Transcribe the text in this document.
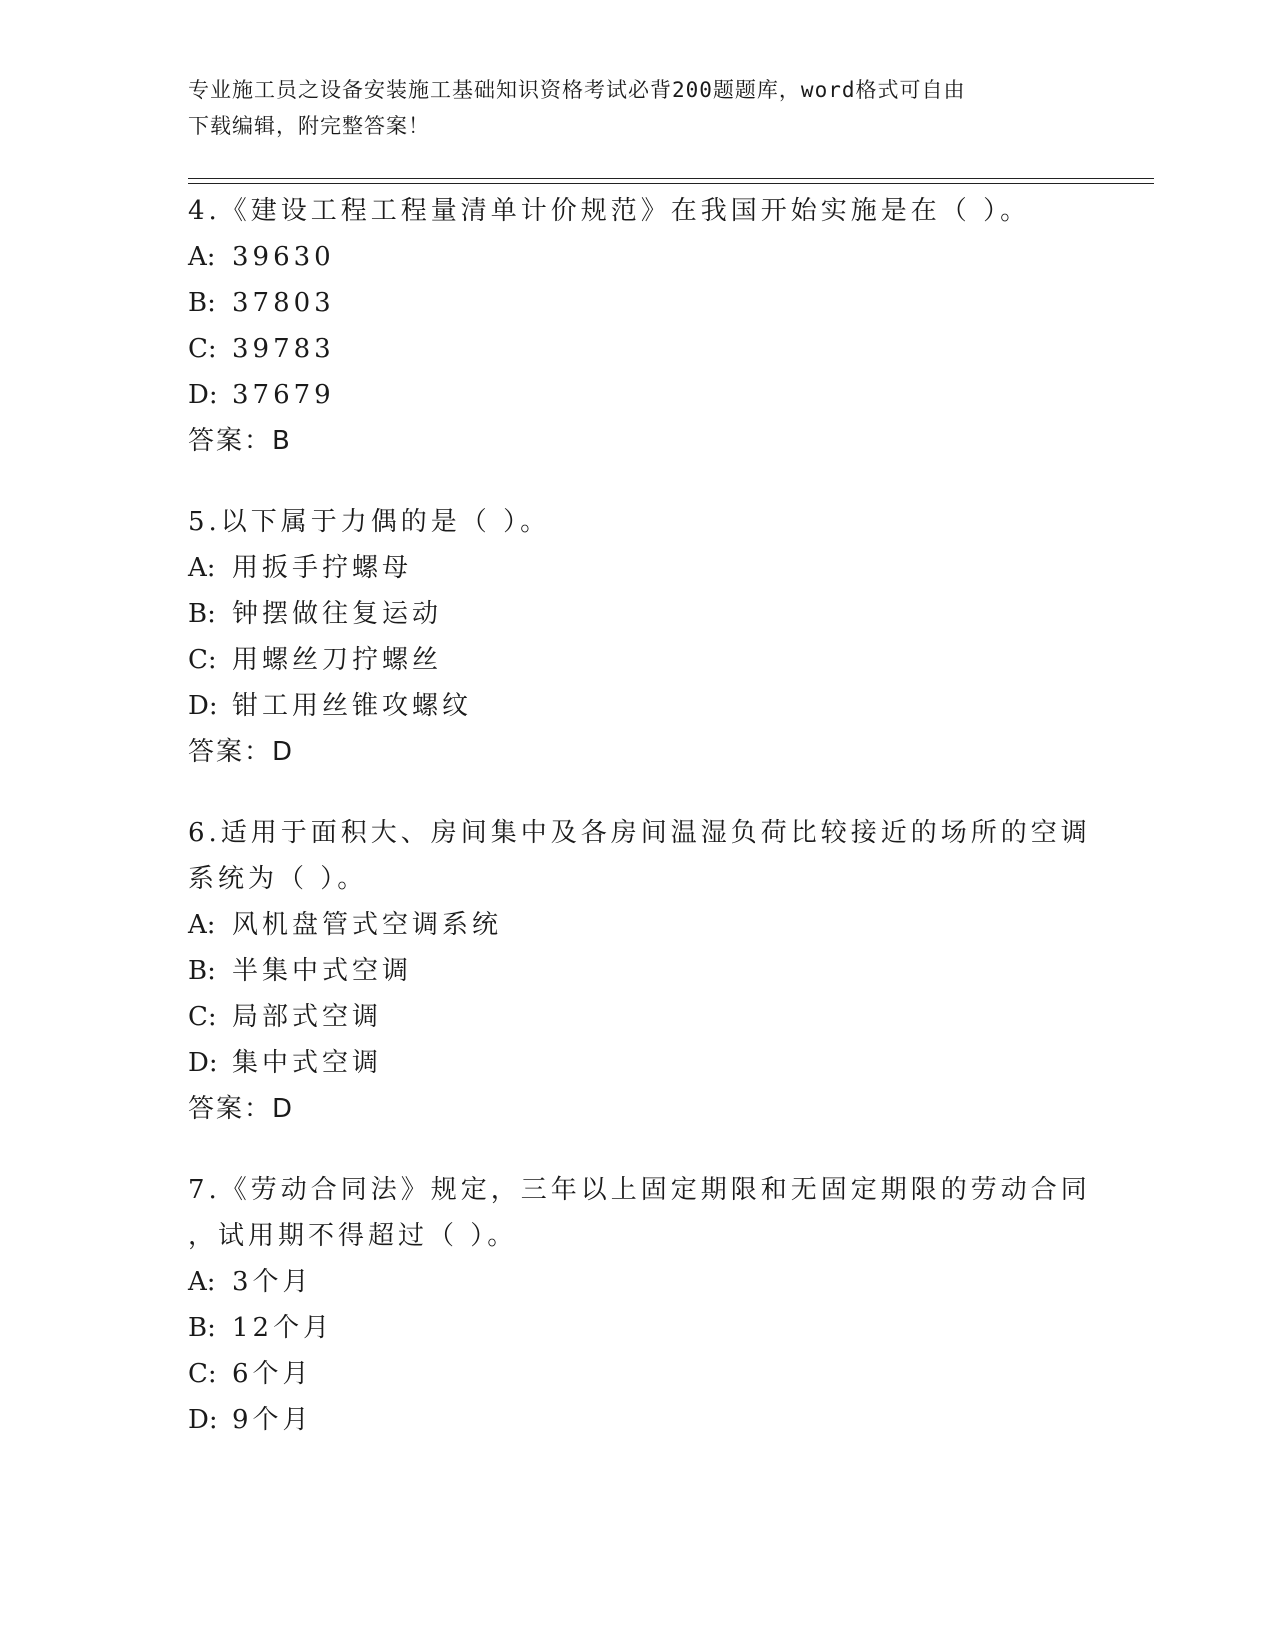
专业施工员之设备安装施工基础知识资格考试必背200题题库，word格式可自由
下载编辑，附完整答案！
4.《建设工程工程量清单计价规范》在我国开始实施是在（ ）。
A: 39630
B: 37803
C: 39783
D: 37679
答案：B
5.以下属于力偶的是（ ）。
A: 用扳手拧螺母
B: 钟摆做往复运动
C: 用螺丝刀拧螺丝
D: 钳工用丝锥攻螺纹
答案：D
6.适用于面积大、房间集中及各房间温湿负荷比较接近的场所的空调
系统为（ ）。
A: 风机盘管式空调系统
B: 半集中式空调
C: 局部式空调
D: 集中式空调
答案：D
7.《劳动合同法》规定，三年以上固定期限和无固定期限的劳动合同
，试用期不得超过（ ）。
A: 3个月
B: 12个月
C: 6个月
D: 9个月
